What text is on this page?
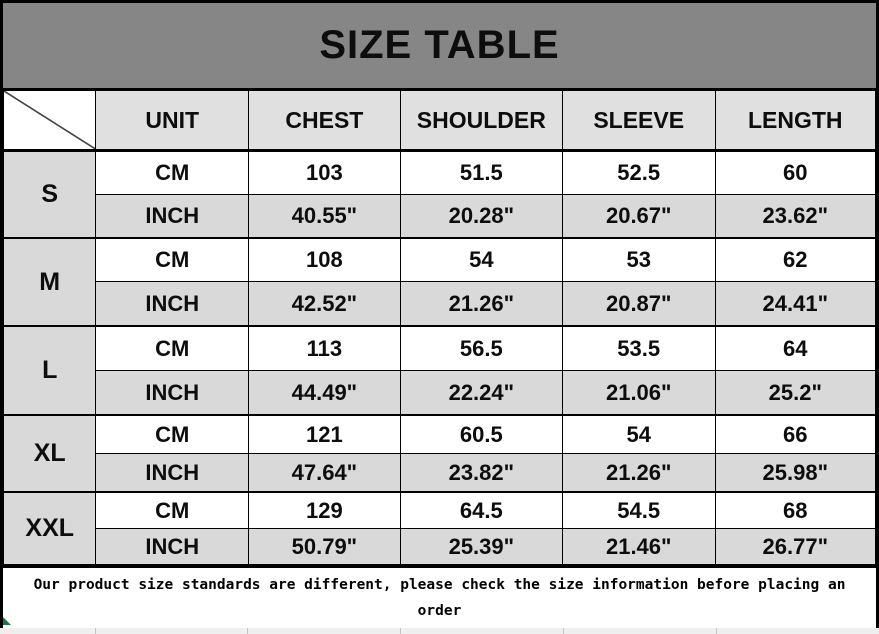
SIZE TABLE
	UNIT	CHEST	SHOULDER	SLEEVE	LENGTH
S	CM	103	51.5	52.5	60
	INCH	40.55"	20.28"	20.67"	23.62"
M	CM	108	54	53	62
	INCH	42.52"	21.26"	20.87"	24.41"
L	CM	113	56.5	53.5	64
	INCH	44.49"	22.24"	21.06"	25.2"
XL	CM	121	60.5	54	66
	INCH	47.64"	23.82"	21.26"	25.98"
XXL	CM	129	64.5	54.5	68
	INCH	50.79"	25.39"	21.46"	26.77"

Our product size standards are different, please check the size information before placing an order
